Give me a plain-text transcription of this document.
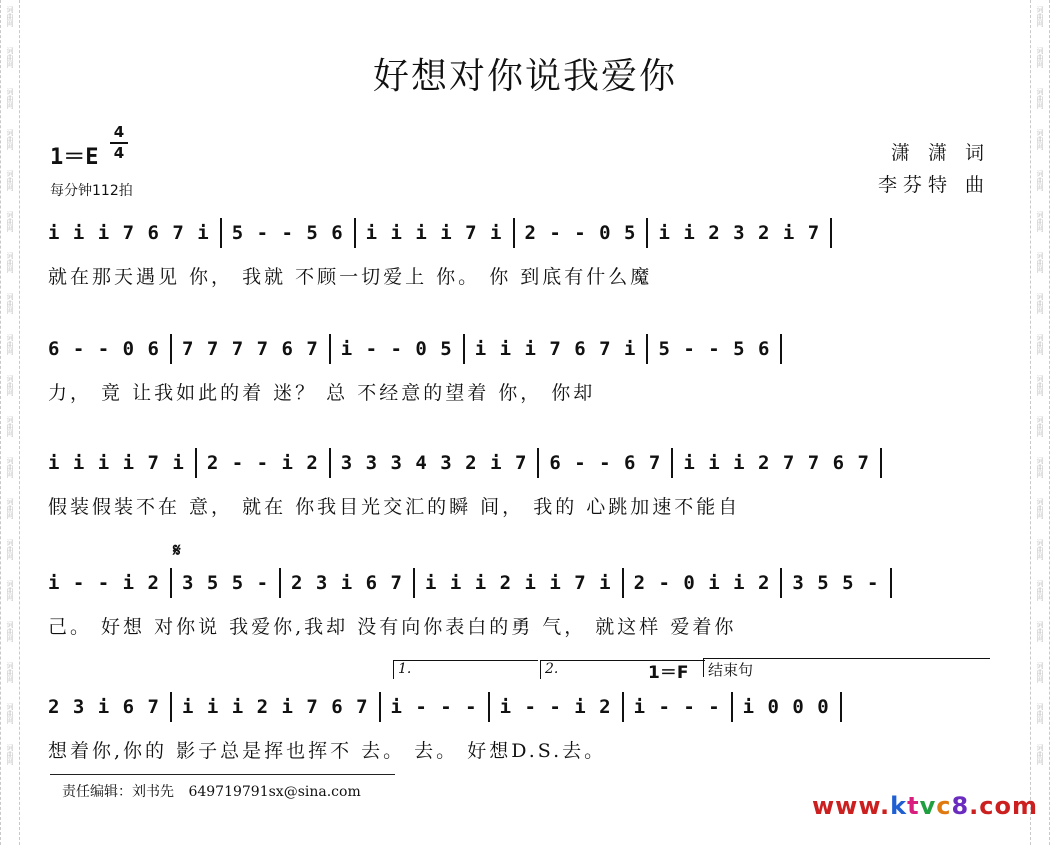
词曲网
词曲网
词曲网
词曲网
词曲网
词曲网
词曲网
词曲网
词曲网
词曲网
词曲网
词曲网
词曲网
词曲网
词曲网
词曲网
词曲网
词曲网
词曲网
词曲网
词曲网
词曲网
词曲网
词曲网
词曲网
词曲网
词曲网
词曲网
词曲网
词曲网
词曲网
词曲网
词曲网
词曲网
词曲网
词曲网
词曲网
词曲网
好想对你说我爱你
1＝E
4
4
每分钟112拍
潇 潇 词
李芬特 曲
i i i 7 6 7 i 5 - - 5 6 i i i i 7 i 2 - - 0 5 i i 2 3 2 i 7
就在那天遇见 你， 我就 不顾一切爱上 你。 你 到底有什么魔
6 - - 0 6 7 7 7 7 6 7 i - - 0 5 i i i 7 6 7 i 5 - - 5 6
力， 竟 让我如此的着 迷？ 总 不经意的望着 你， 你却
i i i i 7 i 2 - - i 2 3 3 3 4 3 2 i 7 6 - - 6 7 i i i 2 7 7 6 7
假装假装不在 意， 就在 你我目光交汇的瞬 间， 我的 心跳加速不能自
𝄋
i - - i 2 3 5 5 - 2 3 i 6 7 i i i 2 i i 7 i 2 - 0 i i 2 3 5 5 -
己。 好想 对你说 我爱你,我却 没有向你表白的勇 气， 就这样 爱着你
1.	2.	1＝F	结束句
2 3 i 6 7 i i i 2 i 7 6 7 i - - - i - - i 2 i - - - i 0 0 0
想着你,你的 影子总是挥也挥不 去。 去。 好想D.S.去。
责任编辑：刘书先 649719791sx@sina.com	www.ktvc8.com
